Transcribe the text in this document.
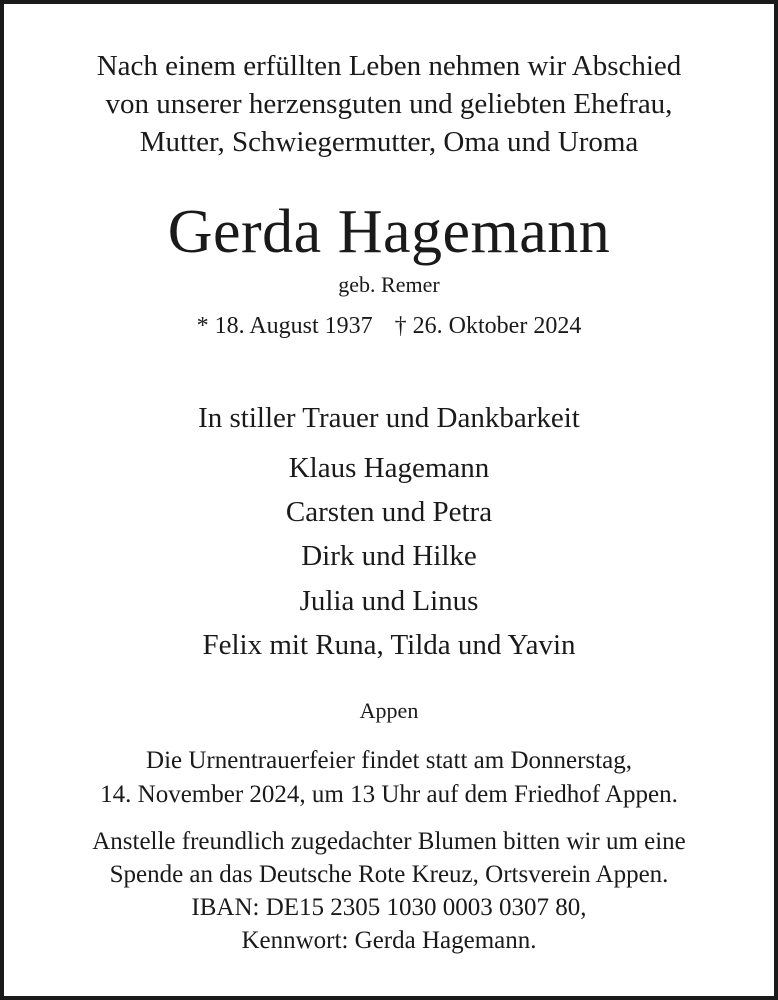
Nach einem erfüllten Leben nehmen wir Abschied
von unserer herzensguten und geliebten Ehefrau,
Mutter, Schwiegermutter, Oma und Uroma
Gerda Hagemann
geb. Remer
* 18. August 1937 † 26. Oktober 2024
In stiller Trauer und Dankbarkeit
Klaus Hagemann
Carsten und Petra
Dirk und Hilke
Julia und Linus
Felix mit Runa, Tilda und Yavin
Appen
Die Urnentrauerfeier findet statt am Donnerstag,
14. November 2024, um 13 Uhr auf dem Friedhof Appen.
Anstelle freundlich zugedachter Blumen bitten wir um eine
Spende an das Deutsche Rote Kreuz, Ortsverein Appen.
IBAN: DE15 2305 1030 0003 0307 80,
Kennwort: Gerda Hagemann.
